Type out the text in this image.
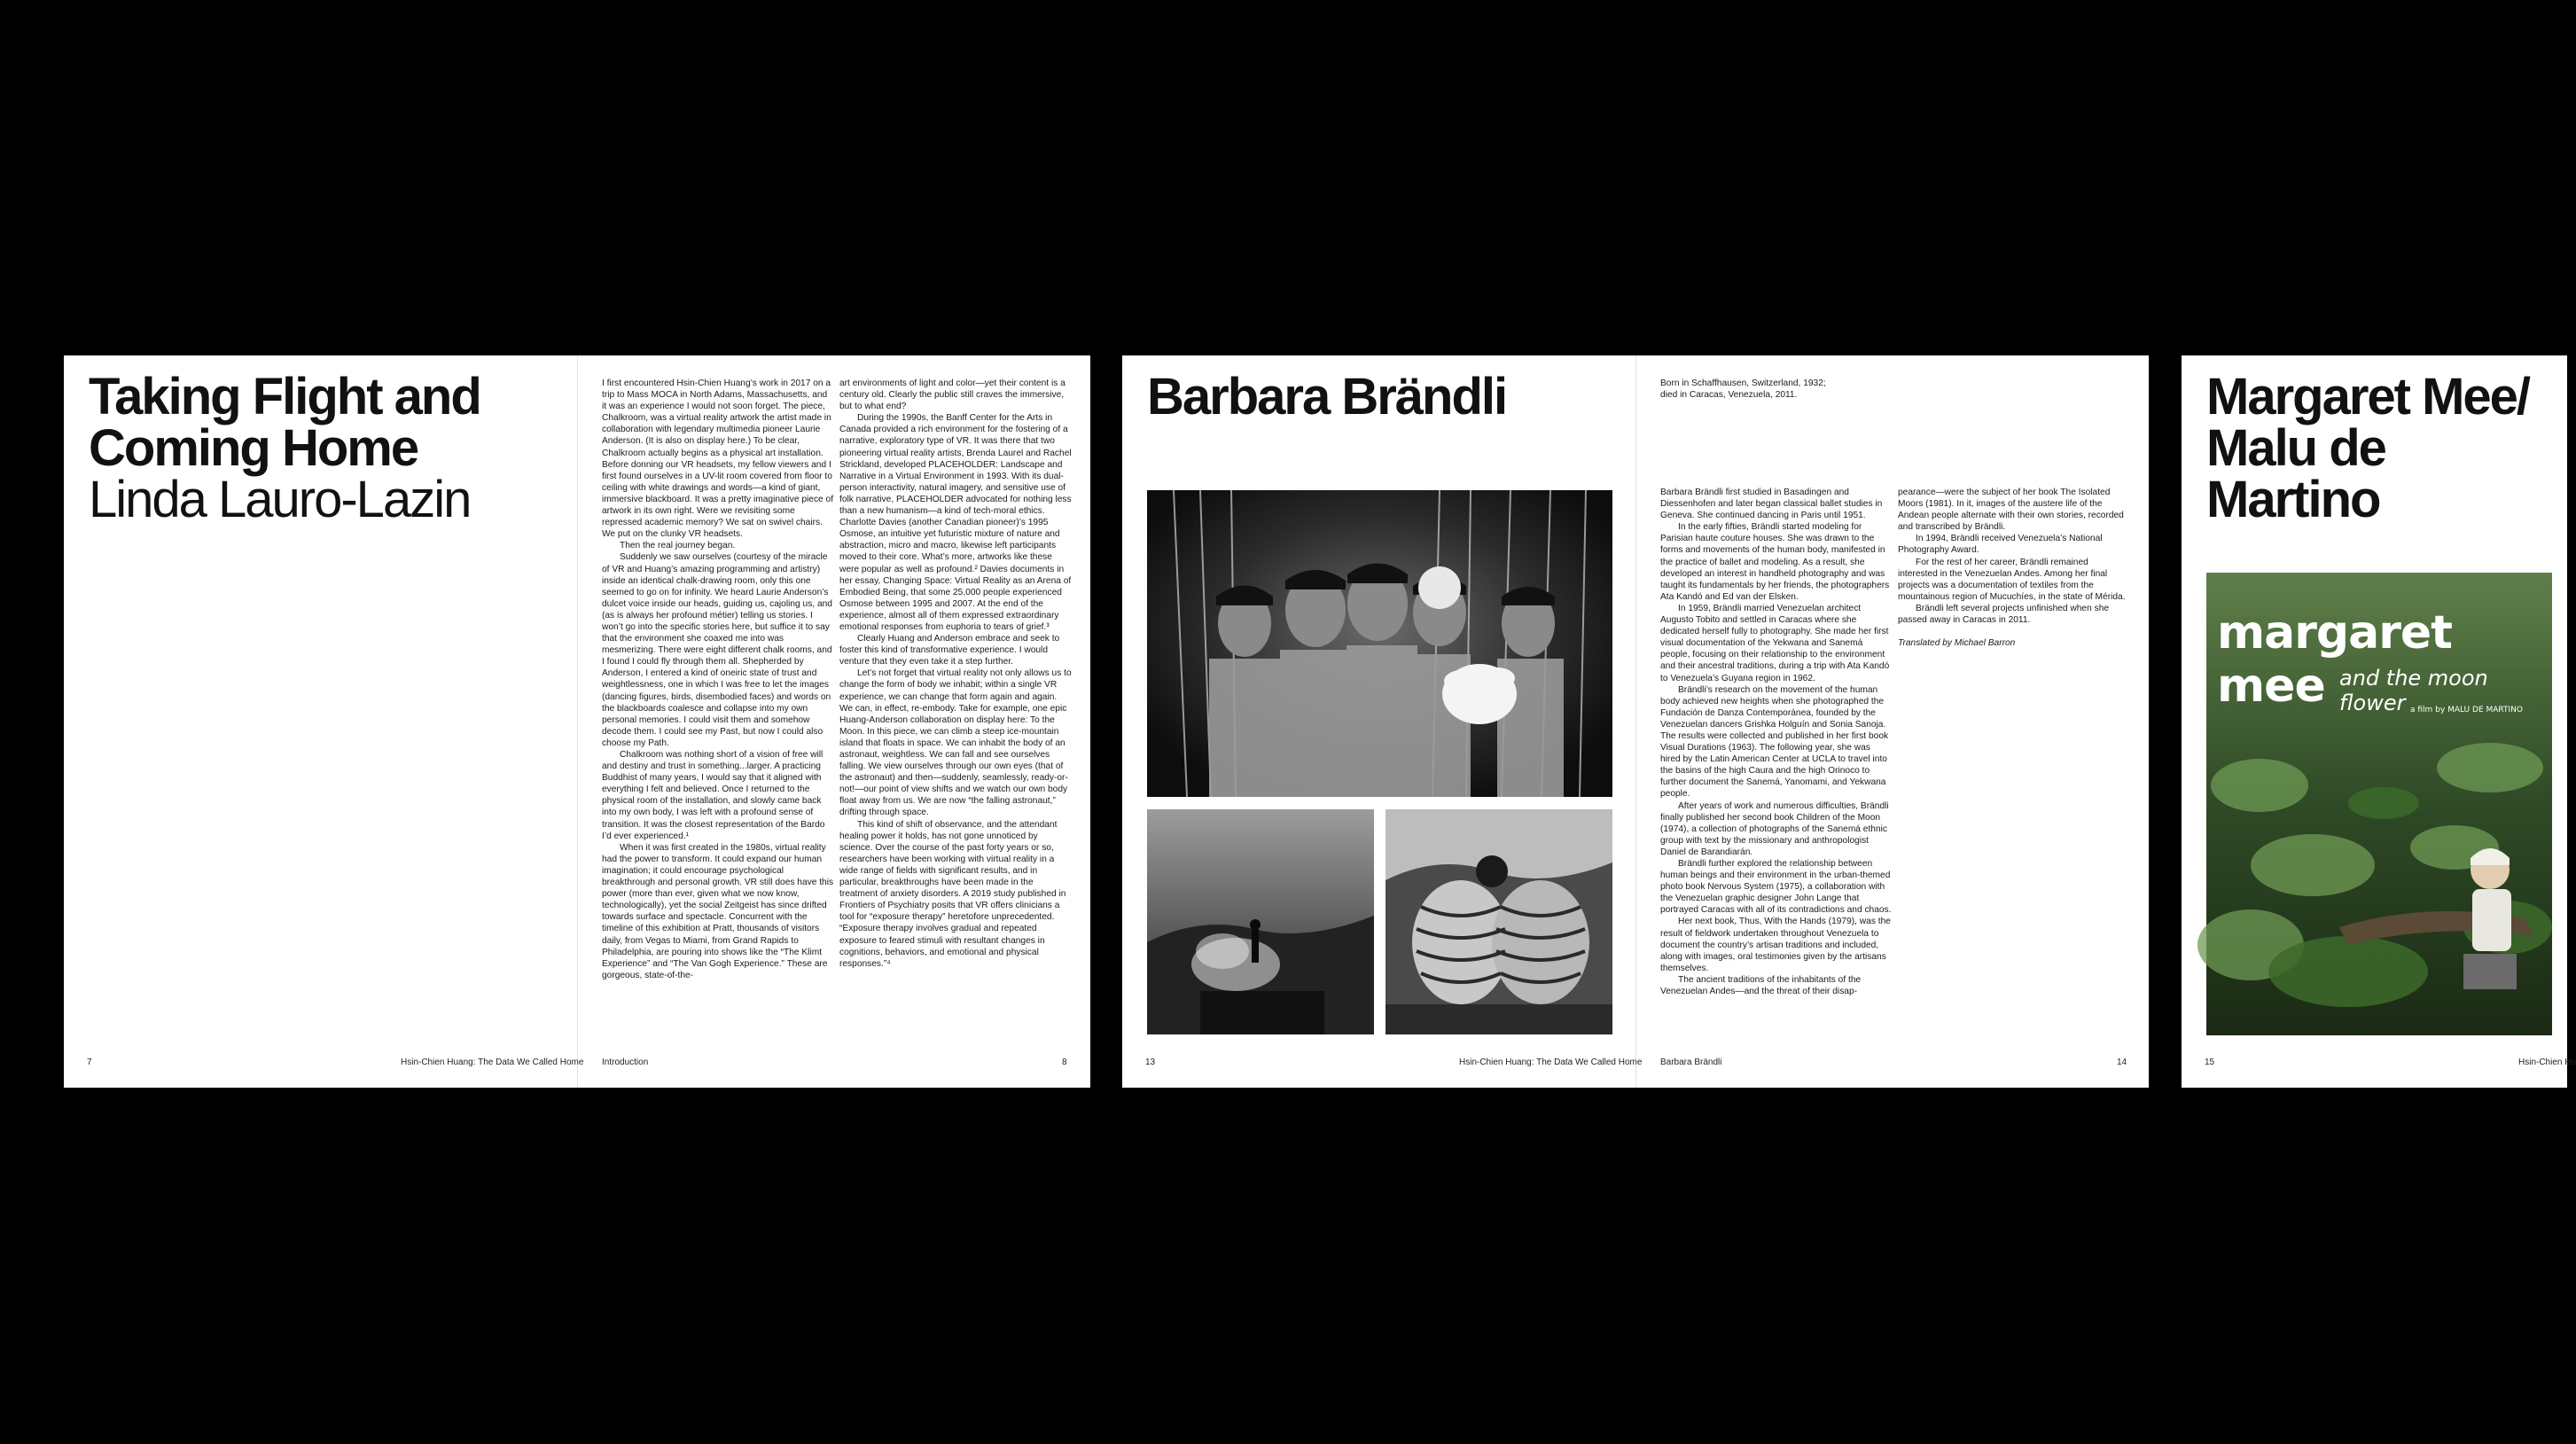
Taking Flight and
Coming Home
Linda Lauro-Lazin

I first encountered Hsin-Chien Huang’s work in 2017 on a trip to Mass MOCA in North Adams, Massachusetts, and it was an experience I would not soon forget. The piece, Chalkroom, was a virtual reality artwork the artist made in collaboration with legendary multimedia pioneer Laurie Anderson. (It is also on display here.) To be clear, Chalkroom actually begins as a physical art installation. Before donning our VR headsets, my fellow viewers and I first found ourselves in a UV-lit room covered from floor to ceiling with white drawings and words—a kind of giant, immersive blackboard. It was a pretty imaginative piece of artwork in its own right. Were we revisiting some repressed academic memory? We sat on swivel chairs. We put on the clunky VR headsets.

Then the real journey began.

Suddenly we saw ourselves (courtesy of the miracle of VR and Huang’s amazing programming and artistry) inside an identical chalk-drawing room, only this one seemed to go on for infinity. We heard Laurie Anderson’s dulcet voice inside our heads, guiding us, cajoling us, and (as is always her profound métier) telling us stories. I won’t go into the specific stories here, but suffice it to say that the environment she coaxed me into was mesmerizing. There were eight different chalk rooms, and I found I could fly through them all. Shepherded by Anderson, I entered a kind of oneiric state of trust and weightlessness, one in which I was free to let the images (dancing figures, birds, disembodied faces) and words on the blackboards coalesce and collapse into my own personal memories. I could visit them and somehow decode them. I could see my Past, but now I could also choose my Path.

Chalkroom was nothing short of a vision of free will and destiny and trust in something...larger. A practicing Buddhist of many years, I would say that it aligned with everything I felt and believed. Once I returned to the physical room of the installation, and slowly came back into my own body, I was left with a profound sense of transition. It was the closest representation of the Bardo I’d ever experienced.¹

When it was first created in the 1980s, virtual reality had the power to transform. It could expand our human imagination; it could encourage psychological breakthrough and personal growth. VR still does have this power (more than ever, given what we now know, technologically), yet the social Zeitgeist has since drifted towards surface and spectacle. Concurrent with the timeline of this exhibition at Pratt, thousands of visitors daily, from Vegas to Miami, from Grand Rapids to Philadelphia, are pouring into shows like the “The Klimt Experience” and “The Van Gogh Experience.” These are gorgeous, state-of-the-

art environments of light and color—yet their content is a century old. Clearly the public still craves the immersive, but to what end?

During the 1990s, the Banff Center for the Arts in Canada provided a rich environment for the fostering of a narrative, exploratory type of VR. It was there that two pioneering virtual reality artists, Brenda Laurel and Rachel Strickland, developed PLACEHOLDER: Landscape and Narrative in a Virtual Environment in 1993. With its dual-person interactivity, natural imagery, and sensitive use of folk narrative, PLACEHOLDER advocated for nothing less than a new humanism—a kind of tech-moral ethics. Charlotte Davies (another Canadian pioneer)’s 1995 Osmose, an intuitive yet futuristic mixture of nature and abstraction, micro and macro, likewise left participants moved to their core. What’s more, artworks like these were popular as well as profound.² Davies documents in her essay, Changing Space: Virtual Reality as an Arena of Embodied Being, that some 25,000 people experienced Osmose between 1995 and 2007. At the end of the experience, almost all of them expressed extraordinary emotional responses from euphoria to tears of grief.³

Clearly Huang and Anderson embrace and seek to foster this kind of transformative experience. I would venture that they even take it a step further.

Let’s not forget that virtual reality not only allows us to change the form of body we inhabit; within a single VR experience, we can change that form again and again. We can, in effect, re-embody. Take for example, one epic Huang-Anderson collaboration on display here: To the Moon. In this piece, we can climb a steep ice-mountain island that floats in space. We can inhabit the body of an astronaut, weightless. We can fall and see ourselves falling. We view ourselves through our own eyes (that of the astronaut) and then—suddenly, seamlessly, ready-or-not!—our point of view shifts and we watch our own body float away from us. We are now “the falling astronaut,” drifting through space.

This kind of shift of observance, and the attendant healing power it holds, has not gone unnoticed by science. Over the course of the past forty years or so, researchers have been working with virtual reality in a wide range of fields with significant results, and in particular, breakthroughs have been made in the treatment of anxiety disorders. A 2019 study published in Frontiers of Psychiatry posits that VR offers clinicians a tool for “exposure therapy” heretofore unprecedented. “Exposure therapy involves gradual and repeated exposure to feared stimuli with resultant changes in cognitions, behaviors, and emotional and physical responses.”⁴

7	Hsin-Chien Huang: The Data We Called Home Introduction	8
Barbara Brändli	Born in Schaffhausen, Switzerland, 1932;

died in Caracas, Venezuela, 2011.

Barbara Brändli first studied in Basadingen and Diessenhofen and later began classical ballet studies in Geneva. She continued dancing in Paris until 1951.

In the early fifties, Brändli started modeling for Parisian haute couture houses. She was drawn to the forms and movements of the human body, manifested in the practice of ballet and modeling. As a result, she developed an interest in handheld photography and was taught its fundamentals by her friends, the photographers Ata Kandó and Ed van der Elsken.

In 1959, Brändli married Venezuelan architect Augusto Tobito and settled in Caracas where she dedicated herself fully to photography. She made her first visual documentation of the Yekwana and Sanemá people, focusing on their relationship to the environment and their ancestral traditions, during a trip with Ata Kandó to Venezuela’s Guyana region in 1962.

Brändli’s research on the movement of the human body achieved new heights when she photographed the Fundación de Danza Contemporánea, founded by the Venezuelan dancers Grishka Holguín and Sonia Sanoja. The results were collected and published in her first book Visual Durations (1963). The following year, she was hired by the Latin American Center at UCLA to travel into the basins of the high Caura and the high Orinoco to further document the Sanemá, Yanomami, and Yekwana people.

After years of work and numerous difficulties, Brändli finally published her second book Children of the Moon (1974), a collection of photographs of the Sanemá ethnic group with text by the missionary and anthropologist Daniel de Barandiarán.

Brändli further explored the relationship between human beings and their environment in the urban-themed photo book Nervous System (1975), a collaboration with the Venezuelan graphic designer John Lange that portrayed Caracas with all of its contradictions and chaos.

Her next book, Thus, With the Hands (1979), was the result of fieldwork undertaken throughout Venezuela to document the country’s artisan traditions and included, along with images, oral testimonies given by the artisans themselves.

The ancient traditions of the inhabitants of the Venezuelan Andes—and the threat of their disap-

pearance—were the subject of her book The Isolated Moors (1981). In it, images of the austere life of the Andean people alternate with their own stories, recorded and transcribed by Brändli.

In 1994, Brändli received Venezuela’s National Photography Award.

For the rest of her career, Brändli remained interested in the Venezuelan Andes. Among her final projects was a documentation of textiles from the mountainous region of Mucuchíes, in the state of Mérida.

Brändli left several projects unfinished when she passed away in Caracas in 2011.

Translated by Michael Barron

13	Hsin-Chien Huang: The Data We Called Home Barbara Brändli	14
Margaret Mee/
Malu de Martino
margaret mee and the moon flower a film by MALU DE MARTINO
15	Hsin-Chien Hu
